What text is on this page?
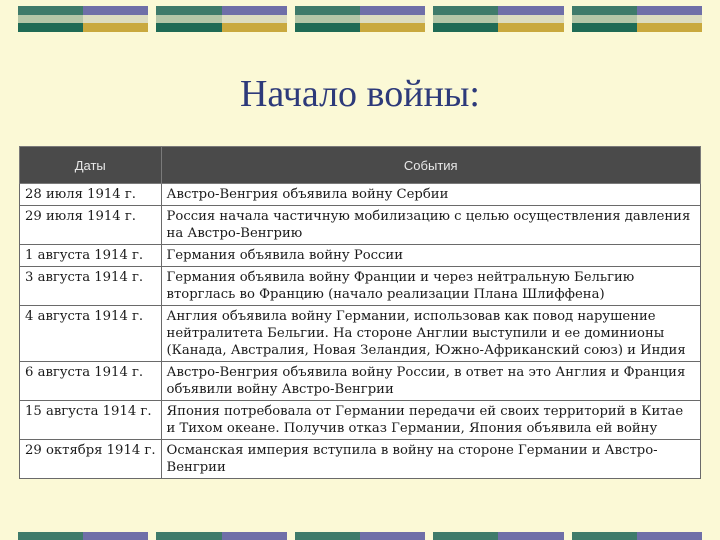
Начало войны:
Даты	События
28 июля 1914 г.	Австро-Венгрия объявила войну Сербии
29 июля 1914 г.	Россия начала частичную мобилизацию с целью осуществления давления на Австро-Венгрию
1 августа 1914 г.	Германия объявила войну России
3 августа 1914 г.	Германия объявила войну Франции и через нейтральную Бельгию вторглась во Францию (начало реализации Плана Шлиффена)
4 августа 1914 г.	Англия объявила войну Германии, использовав как повод нарушение нейтралитета Бельгии. На стороне Англии выступили и ее доминионы (Канада, Австралия, Новая Зеландия, Южно-Африканский союз) и Индия
6 августа 1914 г.	Австро-Венгрия объявила войну России, в ответ на это Англия и Франция объявили войну Австро-Венгрии
15 августа 1914 г.	Япония потребовала от Германии передачи ей своих территорий в Китае и Тихом океане. Получив отказ Германии, Япония объявила ей войну
29 октября 1914 г.	Османская империя вступила в войну на стороне Германии и Австро-Венгрии
